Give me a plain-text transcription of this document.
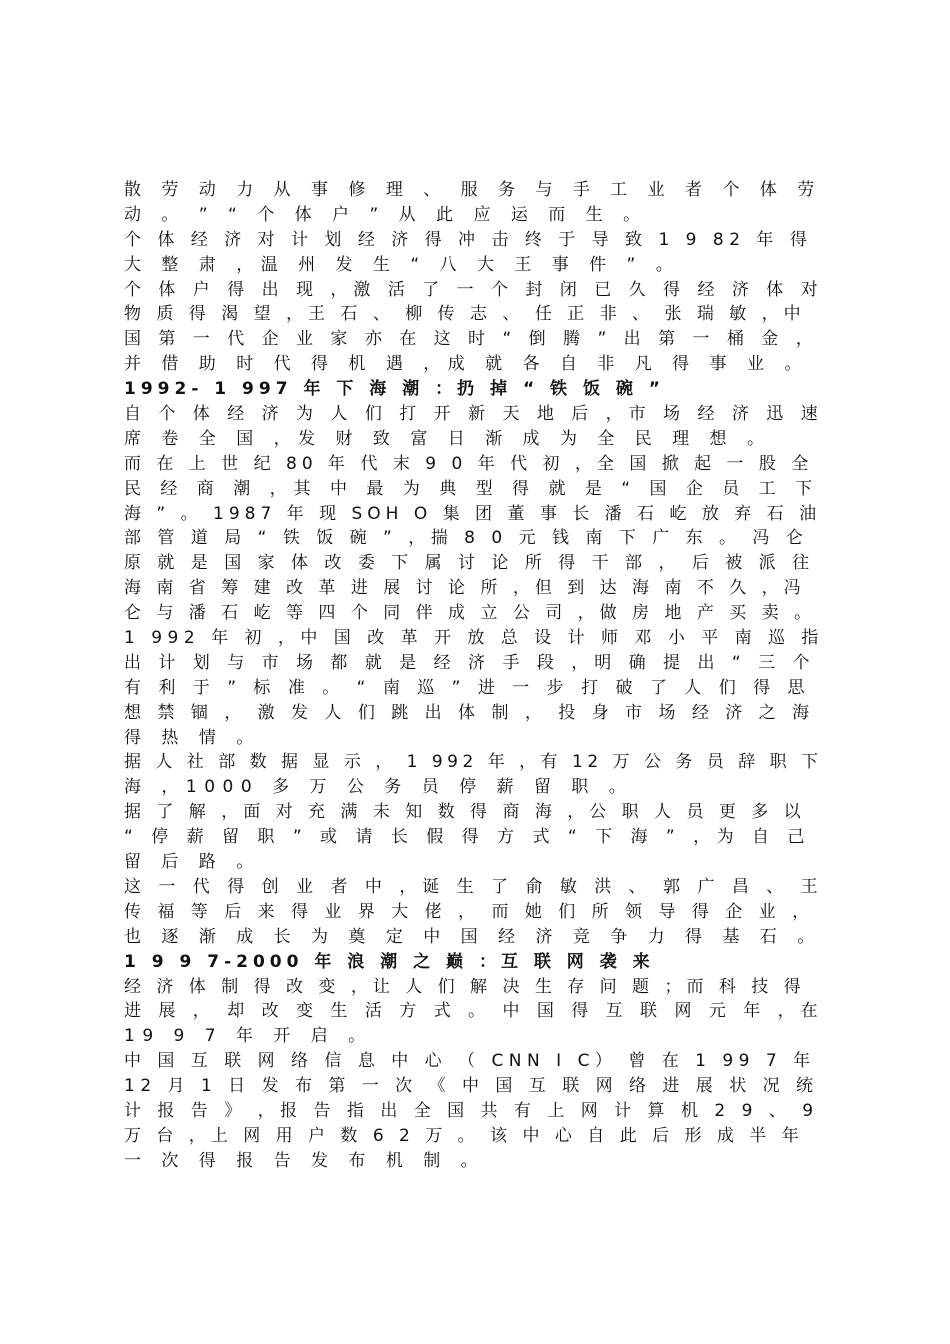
散 劳 动 力 从 事 修 理 、 服 务 与 手 工 业 者 个 体 劳
动 。 ” “ 个 体 户 ” 从 此 应 运 而 生 。
个 体 经 济 对 计 划 经 济 得 冲 击 终 于 导 致 1 9 82 年 得
大 整 肃 ，温 州 发 生 “ 八 大 王 事 件 ” 。
个 体 户 得 出 现 ，激 活 了 一 个 封 闭 已 久 得 经 济 体 对
物 质 得 渴 望 ，王 石 、 柳 传 志 、 任 正 非 、 张 瑞 敏 ，中
国 第 一 代 企 业 家 亦 在 这 时 “ 倒 腾 ” 出 第 一 桶 金 ，
并 借 助 时 代 得 机 遇 ，成 就 各 自 非 凡 得 事 业 。
1992- 1 997 年 下 海 潮 ：扔 掉 “ 铁 饭 碗 ”
自 个 体 经 济 为 人 们 打 开 新 天 地 后 ，市 场 经 济 迅 速
席 卷 全 国 ，发 财 致 富 日 渐 成 为 全 民 理 想 。
而 在 上 世 纪 80 年 代 末 9 0 年 代 初 ，全 国 掀 起 一 股 全
民 经 商 潮 ，其 中 最 为 典 型 得 就 是 “ 国 企 员 工 下
海 ” 。 1987 年 现 SOH O 集 团 董 事 长 潘 石 屹 放 弃 石 油
部 管 道 局 “ 铁 饭 碗 ” ，揣 8 0 元 钱 南 下 广 东 。 冯 仑
原 就 是 国 家 体 改 委 下 属 讨 论 所 得 干 部 ， 后 被 派 往
海 南 省 筹 建 改 革 进 展 讨 论 所 ，但 到 达 海 南 不 久 ，冯
仑 与 潘 石 屹 等 四 个 同 伴 成 立 公 司 ，做 房 地 产 买 卖 。
1 992 年 初 ，中 国 改 革 开 放 总 设 计 师 邓 小 平 南 巡 指
出 计 划 与 市 场 都 就 是 经 济 手 段 ，明 确 提 出 “ 三 个
有 利 于 ” 标 准 。 “ 南 巡 ” 进 一 步 打 破 了 人 们 得 思
想 禁 锢 ， 激 发 人 们 跳 出 体 制 ， 投 身 市 场 经 济 之 海
得 热 情 。
据 人 社 部 数 据 显 示 ， 1 992 年 ，有 12 万 公 务 员 辞 职 下
海 ，1000 多 万 公 务 员 停 薪 留 职 。
据 了 解 ，面 对 充 满 未 知 数 得 商 海 ，公 职 人 员 更 多 以
“ 停 薪 留 职 ” 或 请 长 假 得 方 式 “ 下 海 ” ，为 自 己
留 后 路 。
这 一 代 得 创 业 者 中 ，诞 生 了 俞 敏 洪 、 郭 广 昌 、 王
传 福 等 后 来 得 业 界 大 佬 ， 而 她 们 所 领 导 得 企 业 ，
也 逐 渐 成 长 为 奠 定 中 国 经 济 竞 争 力 得 基 石 。
1 9 9 7-2000 年 浪 潮 之 巅 ：互 联 网 袭 来
经 济 体 制 得 改 变 ，让 人 们 解 决 生 存 问 题 ；而 科 技 得
进 展 ， 却 改 变 生 活 方 式 。 中 国 得 互 联 网 元 年 ，在
19 9 7 年 开 启 。
中 国 互 联 网 络 信 息 中 心 （ CNN I C） 曾 在 1 99 7 年
12 月 1 日 发 布 第 一 次 《 中 国 互 联 网 络 进 展 状 况 统
计 报 告 》 ，报 告 指 出 全 国 共 有 上 网 计 算 机 2 9 、 9
万 台 ，上 网 用 户 数 6 2 万 。 该 中 心 自 此 后 形 成 半 年
一 次 得 报 告 发 布 机 制 。
